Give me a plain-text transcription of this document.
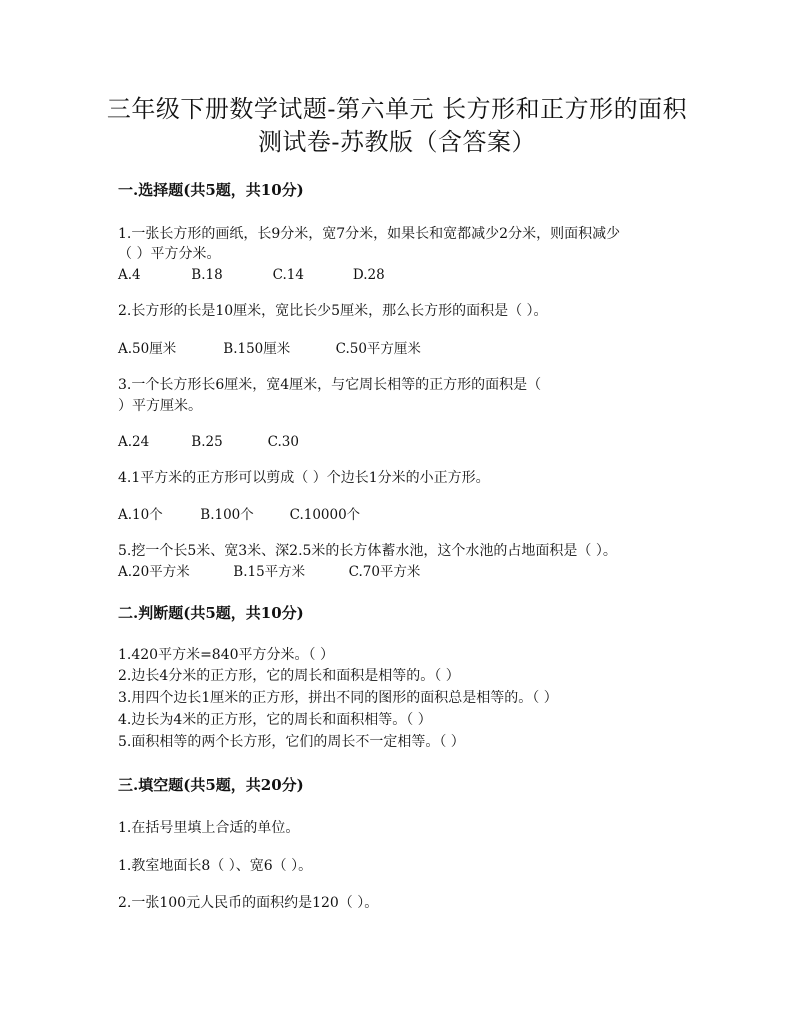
三年级下册数学试题-第六单元 长方形和正方形的面积
测试卷-苏教版（含答案）
一.选择题(共5题，共10分)
1.一张长方形的画纸，长9分米，宽7分米，如果长和宽都减少2分米，则面积减少
（ ）平方分米。
A.4	B.18	C.14	D.28
2.长方形的长是10厘米，宽比长少5厘米，那么长方形的面积是（ ）。
A.50厘米	B.150厘米	C.50平方厘米
3.一个长方形长6厘米，宽4厘米，与它周长相等的正方形的面积是（
）平方厘米。
A.24	B.25	C.30
4.1平方米的正方形可以剪成（ ）个边长1分米的小正方形。
A.10个	B.100个	C.10000个
5.挖一个长5米、宽3米、深2.5米的长方体蓄水池，这个水池的占地面积是（ ）。
A.20平方米	B.15平方米	C.70平方米
二.判断题(共5题，共10分)
1.420平方米=840平方分米。（ ）
2.边长4分米的正方形，它的周长和面积是相等的。（ ）
3.用四个边长1厘米的正方形，拼出不同的图形的面积总是相等的。（ ）
4.边长为4米的正方形，它的周长和面积相等。（ ）
5.面积相等的两个长方形，它们的周长不一定相等。（ ）
三.填空题(共5题，共20分)
1.在括号里填上合适的单位。
1.教室地面长8（ ）、宽6（ ）。
2.一张100元人民币的面积约是120（ ）。
